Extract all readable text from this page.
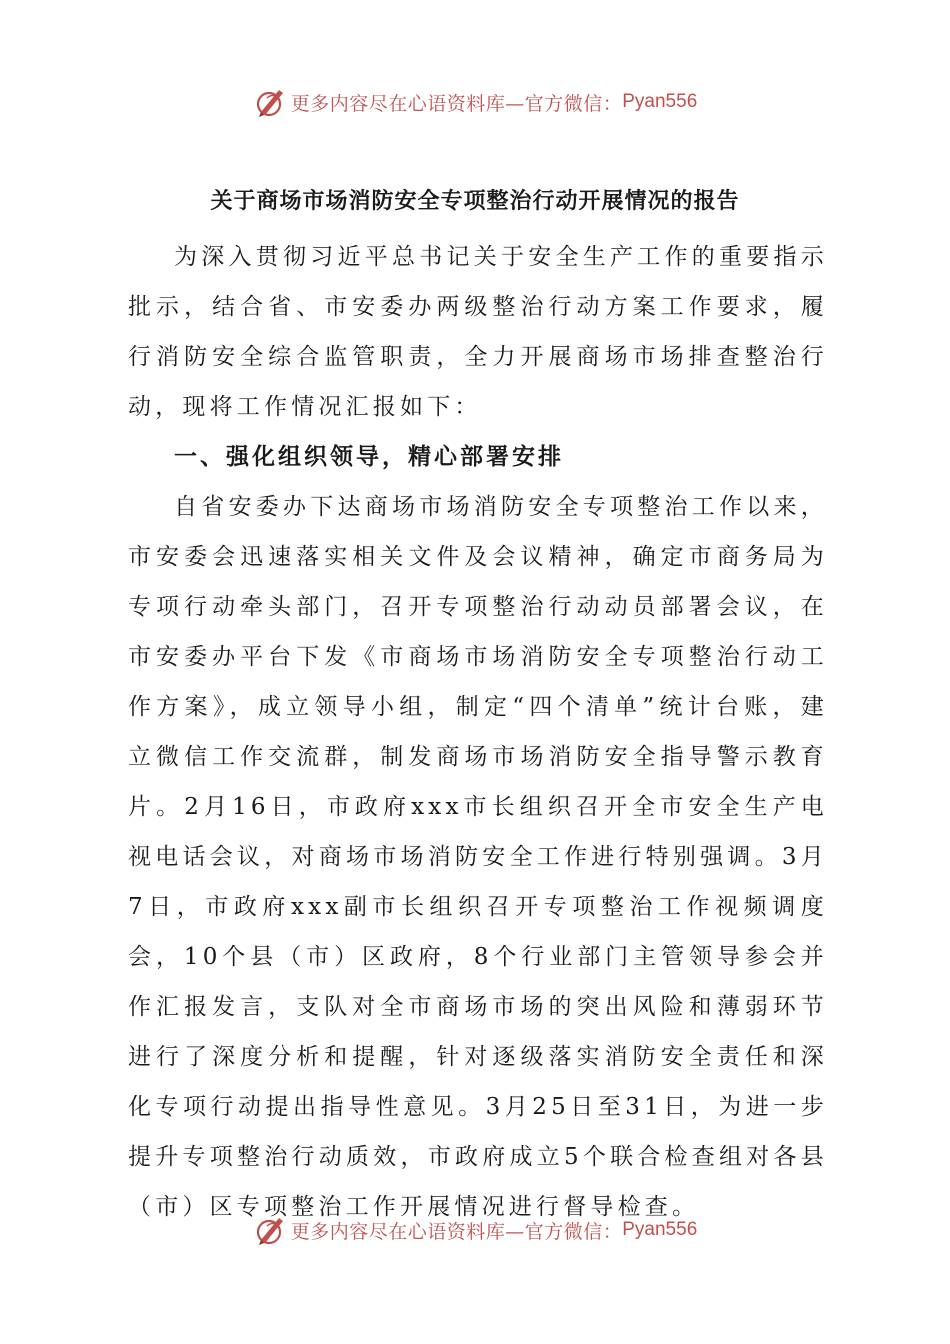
更多内容尽在心语资料库—官方微信： Pyan556
关于商场市场消防安全专项整治行动开展情况的报告

为深入贯彻习近平总书记关于安全生产工作的重要指示批示，结合省、市安委办两级整治行动方案工作要求，履行消防安全综合监管职责，全力开展商场市场排查整治行动，现将工作情况汇报如下：

一、强化组织领导，精心部署安排

自省安委办下达商场市场消防安全专项整治工作以来，市安委会迅速落实相关文件及会议精神，确定市商务局为专项行动牵头部门，召开专项整治行动动员部署会议，在市安委办平台下发《市商场市场消防安全专项整治行动工作方案》，成立领导小组，制定“四个清单”统计台账，建立微信工作交流群，制发商场市场消防安全指导警示教育片。2月16日，市政府xxx市长组织召开全市安全生产电视电话会议，对商场市场消防安全工作进行特别强调。3月7日，市政府xxx副市长组织召开专项整治工作视频调度会，10个县（市）区政府，8个行业部门主管领导参会并作汇报发言，支队对全市商场市场的突出风险和薄弱环节进行了深度分析和提醒，针对逐级落实消防安全责任和深化专项行动提出指导性意见。3月25日至31日，为进一步提升专项整治行动质效，市政府成立5个联合检查组对各县（市）区专项整治工作开展情况进行督导检查。

更多内容尽在心语资料库—官方微信： Pyan556
